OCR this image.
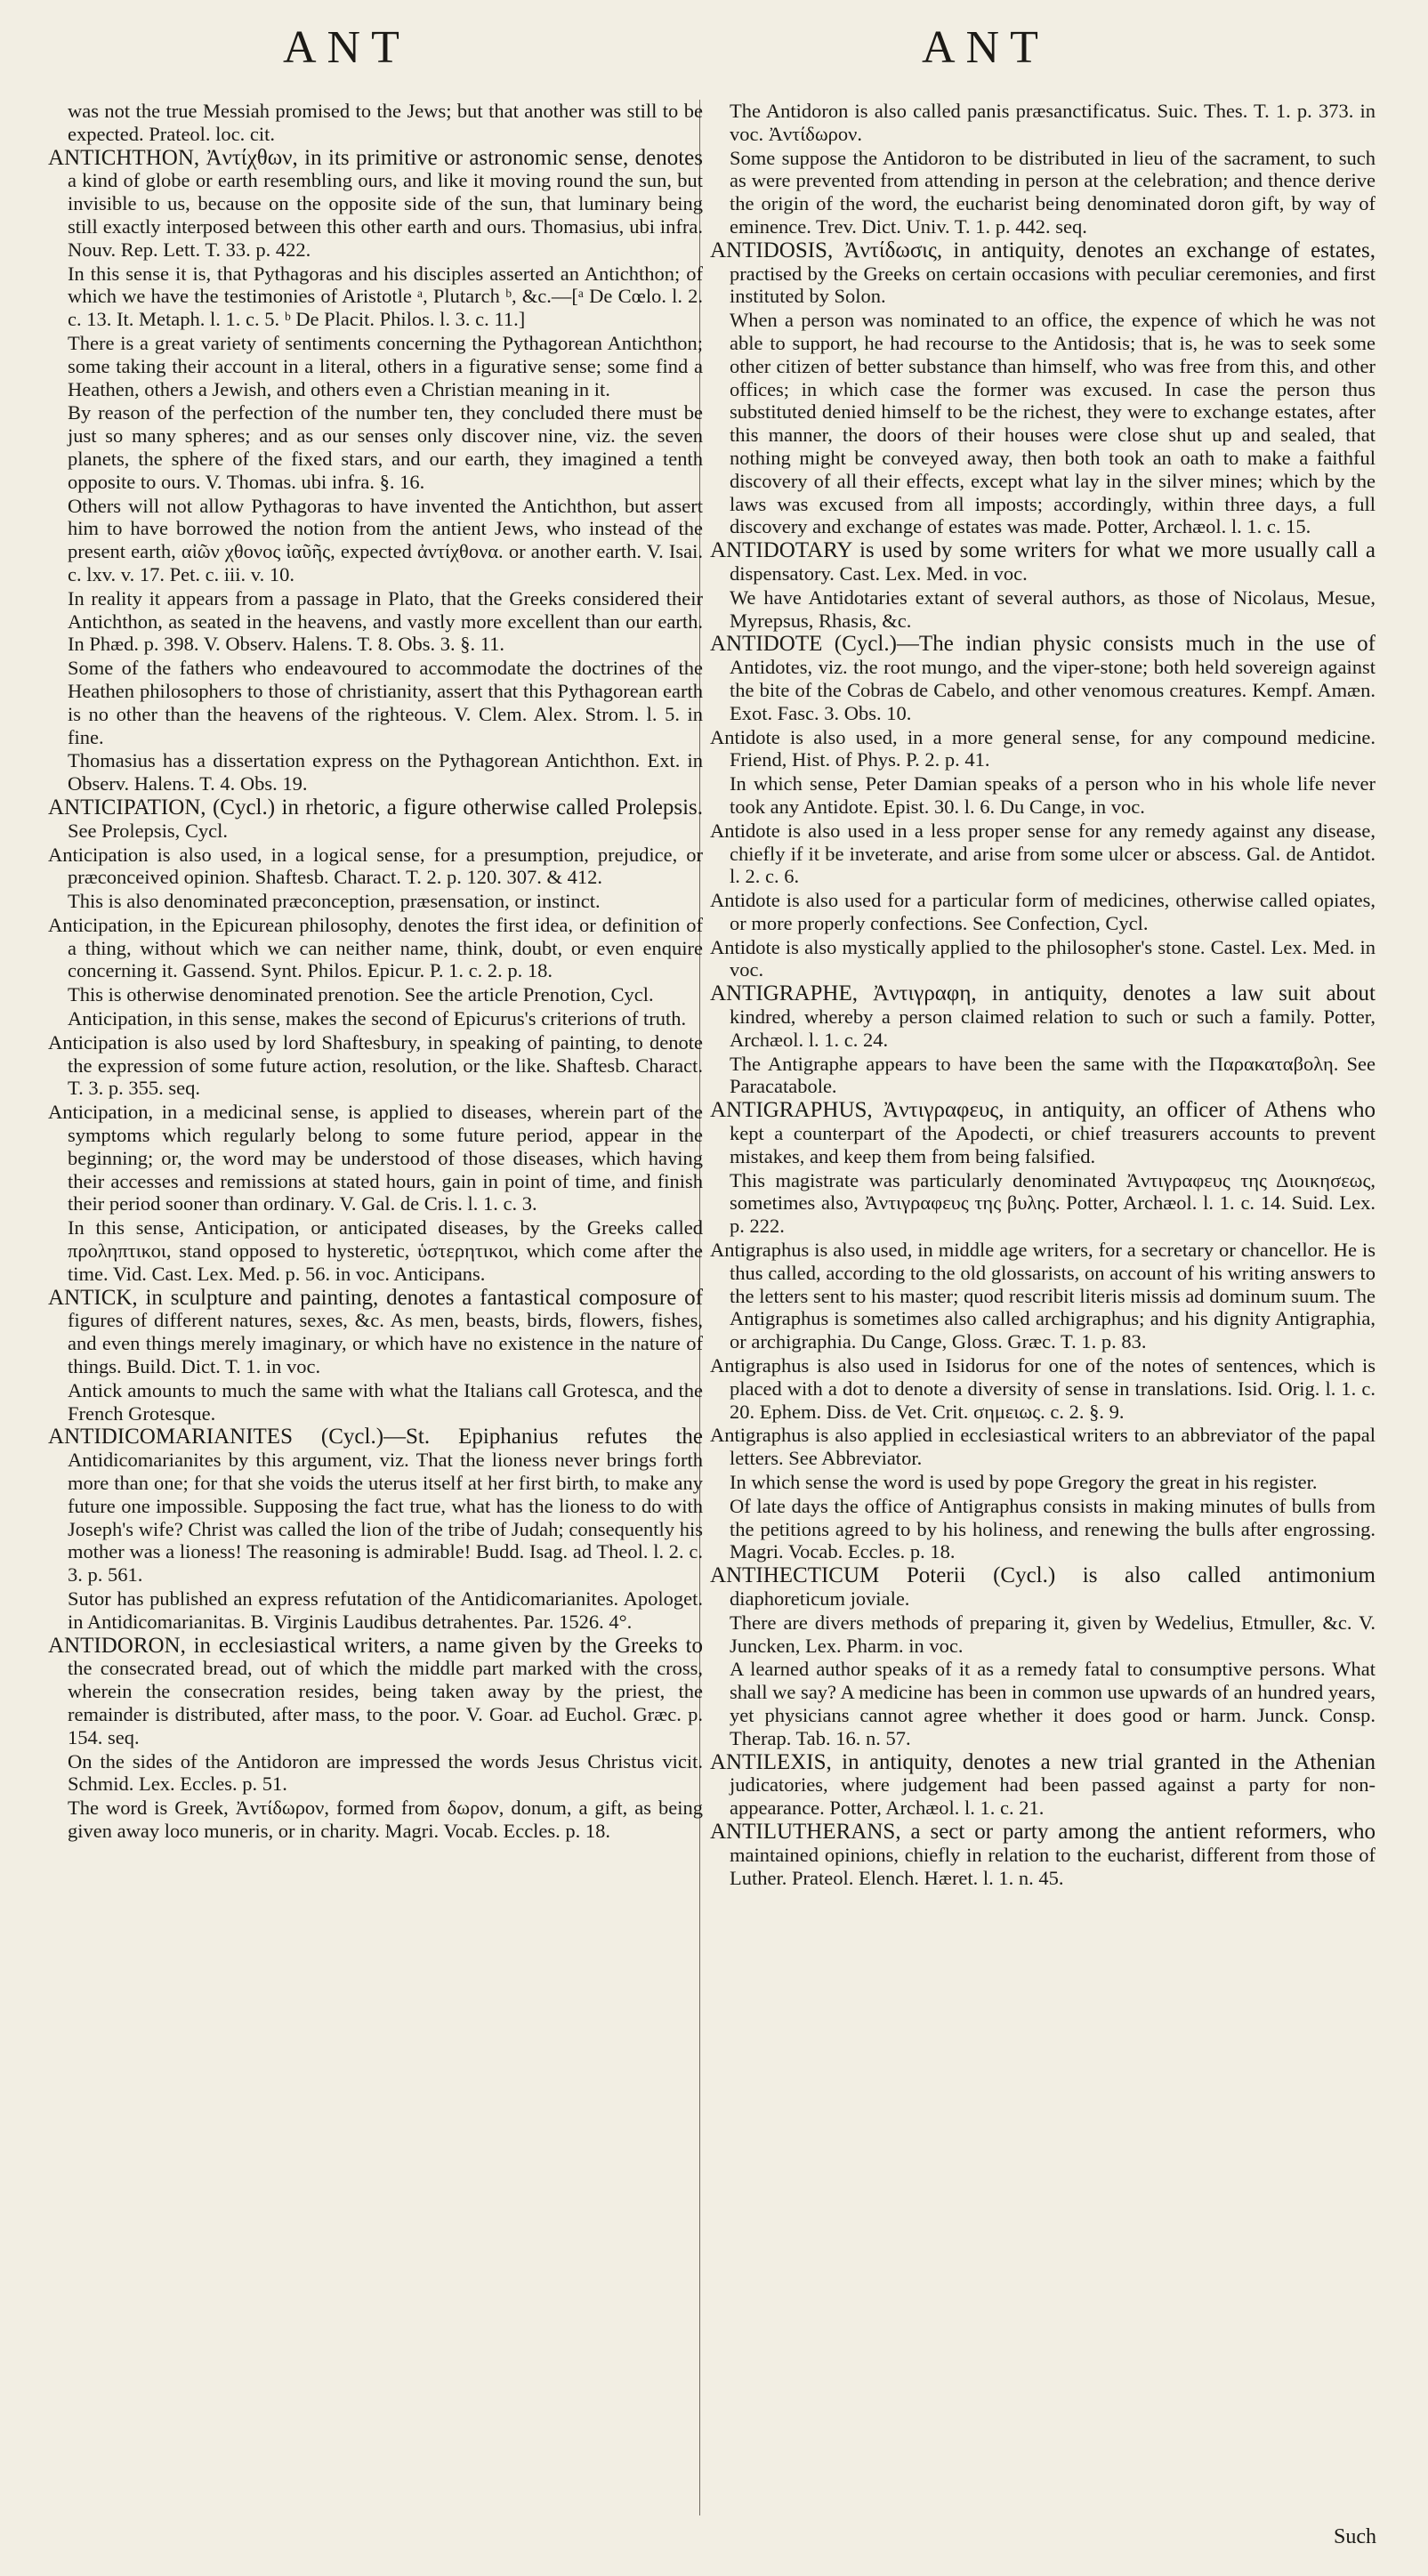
ANT	ANT

was not the true Messiah promised to the Jews; but that another was still to be expected. Prateol. loc. cit.

ANTICHTHON, Ἀντίχθων, in its primitive or astronomic sense, denotes a kind of globe or earth resembling ours, and like it moving round the sun, but invisible to us, because on the opposite side of the sun, that luminary being still exactly interposed between this other earth and ours. Thomasius, ubi infra. Nouv. Rep. Lett. T. 33. p. 422.

In this sense it is, that Pythagoras and his disciples asserted an Antichthon; of which we have the testimonies of Aristotle ᵃ, Plutarch ᵇ, &c.—[ᵃ De Cœlo. l. 2. c. 13. It. Metaph. l. 1. c. 5. ᵇ De Placit. Philos. l. 3. c. 11.]

There is a great variety of sentiments concerning the Pythagorean Antichthon; some taking their account in a literal, others in a figurative sense; some find a Heathen, others a Jewish, and others even a Christian meaning in it.

By reason of the perfection of the number ten, they concluded there must be just so many spheres; and as our senses only discover nine, viz. the seven planets, the sphere of the fixed stars, and our earth, they imagined a tenth opposite to ours. V. Thomas. ubi infra. §. 16.

Others will not allow Pythagoras to have invented the Antichthon, but assert him to have borrowed the notion from the antient Jews, who instead of the present earth, αἰῶν χθονος ἰαῦῆς, expected ἀντίχθονα. or another earth. V. Isai. c. lxv. v. 17. Pet. c. iii. v. 10.

In reality it appears from a passage in Plato, that the Greeks considered their Antichthon, as seated in the heavens, and vastly more excellent than our earth. In Phæd. p. 398. V. Observ. Halens. T. 8. Obs. 3. §. 11.

Some of the fathers who endeavoured to accommodate the doctrines of the Heathen philosophers to those of christianity, assert that this Pythagorean earth is no other than the heavens of the righteous. V. Clem. Alex. Strom. l. 5. in fine.

Thomasius has a dissertation express on the Pythagorean Antichthon. Ext. in Observ. Halens. T. 4. Obs. 19.

ANTICIPATION, (Cycl.) in rhetoric, a figure otherwise called Prolepsis. See Prolepsis, Cycl.

Anticipation is also used, in a logical sense, for a presumption, prejudice, or præconceived opinion. Shaftesb. Charact. T. 2. p. 120. 307. & 412.

This is also denominated præconception, præsensation, or instinct.

Anticipation, in the Epicurean philosophy, denotes the first idea, or definition of a thing, without which we can neither name, think, doubt, or even enquire concerning it. Gassend. Synt. Philos. Epicur. P. 1. c. 2. p. 18.

This is otherwise denominated prenotion. See the article Prenotion, Cycl.

Anticipation, in this sense, makes the second of Epicurus's criterions of truth.

Anticipation is also used by lord Shaftesbury, in speaking of painting, to denote the expression of some future action, resolution, or the like. Shaftesb. Charact. T. 3. p. 355. seq.

Anticipation, in a medicinal sense, is applied to diseases, wherein part of the symptoms which regularly belong to some future period, appear in the beginning; or, the word may be understood of those diseases, which having their accesses and remissions at stated hours, gain in point of time, and finish their period sooner than ordinary. V. Gal. de Cris. l. 1. c. 3.

In this sense, Anticipation, or anticipated diseases, by the Greeks called προληπτικοι, stand opposed to hysteretic, ὑστερητικοι, which come after the time. Vid. Cast. Lex. Med. p. 56. in voc. Anticipans.

ANTICK, in sculpture and painting, denotes a fantastical composure of figures of different natures, sexes, &c. As men, beasts, birds, flowers, fishes, and even things merely imaginary, or which have no existence in the nature of things. Build. Dict. T. 1. in voc.

Antick amounts to much the same with what the Italians call Grotesca, and the French Grotesque.

ANTIDICOMARIANITES (Cycl.)—St. Epiphanius refutes the Antidicomarianites by this argument, viz. That the lioness never brings forth more than one; for that she voids the uterus itself at her first birth, to make any future one impossible. Supposing the fact true, what has the lioness to do with Joseph's wife? Christ was called the lion of the tribe of Judah; consequently his mother was a lioness! The reasoning is admirable! Budd. Isag. ad Theol. l. 2. c. 3. p. 561.

Sutor has published an express refutation of the Antidicomarianites. Apologet. in Antidicomarianitas. B. Virginis Laudibus detrahentes. Par. 1526. 4°.

ANTIDORON, in ecclesiastical writers, a name given by the Greeks to the consecrated bread, out of which the middle part marked with the cross, wherein the consecration resides, being taken away by the priest, the remainder is distributed, after mass, to the poor. V. Goar. ad Euchol. Græc. p. 154. seq.

On the sides of the Antidoron are impressed the words Jesus Christus vicit. Schmid. Lex. Eccles. p. 51.

The word is Greek, Ἀντίδωρον, formed from δωρον, donum, a gift, as being given away loco muneris, or in charity. Magri. Vocab. Eccles. p. 18.

The Antidoron is also called panis præsanctificatus. Suic. Thes. T. 1. p. 373. in voc. Ἀντίδωρον.

Some suppose the Antidoron to be distributed in lieu of the sacrament, to such as were prevented from attending in person at the celebration; and thence derive the origin of the word, the eucharist being denominated doron gift, by way of eminence. Trev. Dict. Univ. T. 1. p. 442. seq.

ANTIDOSIS, Ἀντίδωσις, in antiquity, denotes an exchange of estates, practised by the Greeks on certain occasions with peculiar ceremonies, and first instituted by Solon.

When a person was nominated to an office, the expence of which he was not able to support, he had recourse to the Antidosis; that is, he was to seek some other citizen of better substance than himself, who was free from this, and other offices; in which case the former was excused. In case the person thus substituted denied himself to be the richest, they were to exchange estates, after this manner, the doors of their houses were close shut up and sealed, that nothing might be conveyed away, then both took an oath to make a faithful discovery of all their effects, except what lay in the silver mines; which by the laws was excused from all imposts; accordingly, within three days, a full discovery and exchange of estates was made. Potter, Archæol. l. 1. c. 15.

ANTIDOTARY is used by some writers for what we more usually call a dispensatory. Cast. Lex. Med. in voc.

We have Antidotaries extant of several authors, as those of Nicolaus, Mesue, Myrepsus, Rhasis, &c.

ANTIDOTE (Cycl.)—The indian physic consists much in the use of Antidotes, viz. the root mungo, and the viper-stone; both held sovereign against the bite of the Cobras de Cabelo, and other venomous creatures. Kempf. Amæn. Exot. Fasc. 3. Obs. 10.

Antidote is also used, in a more general sense, for any compound medicine. Friend, Hist. of Phys. P. 2. p. 41.

In which sense, Peter Damian speaks of a person who in his whole life never took any Antidote. Epist. 30. l. 6. Du Cange, in voc.

Antidote is also used in a less proper sense for any remedy against any disease, chiefly if it be inveterate, and arise from some ulcer or abscess. Gal. de Antidot. l. 2. c. 6.

Antidote is also used for a particular form of medicines, otherwise called opiates, or more properly confections. See Confection, Cycl.

Antidote is also mystically applied to the philosopher's stone. Castel. Lex. Med. in voc.

ANTIGRAPHE, Ἀντιγραφη, in antiquity, denotes a law suit about kindred, whereby a person claimed relation to such or such a family. Potter, Archæol. l. 1. c. 24.

The Antigraphe appears to have been the same with the Παρακαταβολη. See Paracatabole.

ANTIGRAPHUS, Ἀντιγραφευς, in antiquity, an officer of Athens who kept a counterpart of the Apodecti, or chief treasurers accounts to prevent mistakes, and keep them from being falsified.

This magistrate was particularly denominated Ἀντιγραφευς της Διοικησεως, sometimes also, Ἀντιγραφευς της βυλης. Potter, Archæol. l. 1. c. 14. Suid. Lex. p. 222.

Antigraphus is also used, in middle age writers, for a secretary or chancellor. He is thus called, according to the old glossarists, on account of his writing answers to the letters sent to his master; quod rescribit literis missis ad dominum suum. The Antigraphus is sometimes also called archigraphus; and his dignity Antigraphia, or archigraphia. Du Cange, Gloss. Græc. T. 1. p. 83.

Antigraphus is also used in Isidorus for one of the notes of sentences, which is placed with a dot to denote a diversity of sense in translations. Isid. Orig. l. 1. c. 20. Ephem. Diss. de Vet. Crit. σημειως. c. 2. §. 9.

Antigraphus is also applied in ecclesiastical writers to an abbreviator of the papal letters. See Abbreviator.

In which sense the word is used by pope Gregory the great in his register.

Of late days the office of Antigraphus consists in making minutes of bulls from the petitions agreed to by his holiness, and renewing the bulls after engrossing. Magri. Vocab. Eccles. p. 18.

ANTIHECTICUM Poterii (Cycl.) is also called antimonium diaphoreticum joviale.

There are divers methods of preparing it, given by Wedelius, Etmuller, &c. V. Juncken, Lex. Pharm. in voc.

A learned author speaks of it as a remedy fatal to consumptive persons. What shall we say? A medicine has been in common use upwards of an hundred years, yet physicians cannot agree whether it does good or harm. Junck. Consp. Therap. Tab. 16. n. 57.

ANTILEXIS, in antiquity, denotes a new trial granted in the Athenian judicatories, where judgement had been passed against a party for non-appearance. Potter, Archæol. l. 1. c. 21.

ANTILUTHERANS, a sect or party among the antient reformers, who maintained opinions, chiefly in relation to the eucharist, different from those of Luther. Prateol. Elench. Hæret. l. 1. n. 45.

Such
